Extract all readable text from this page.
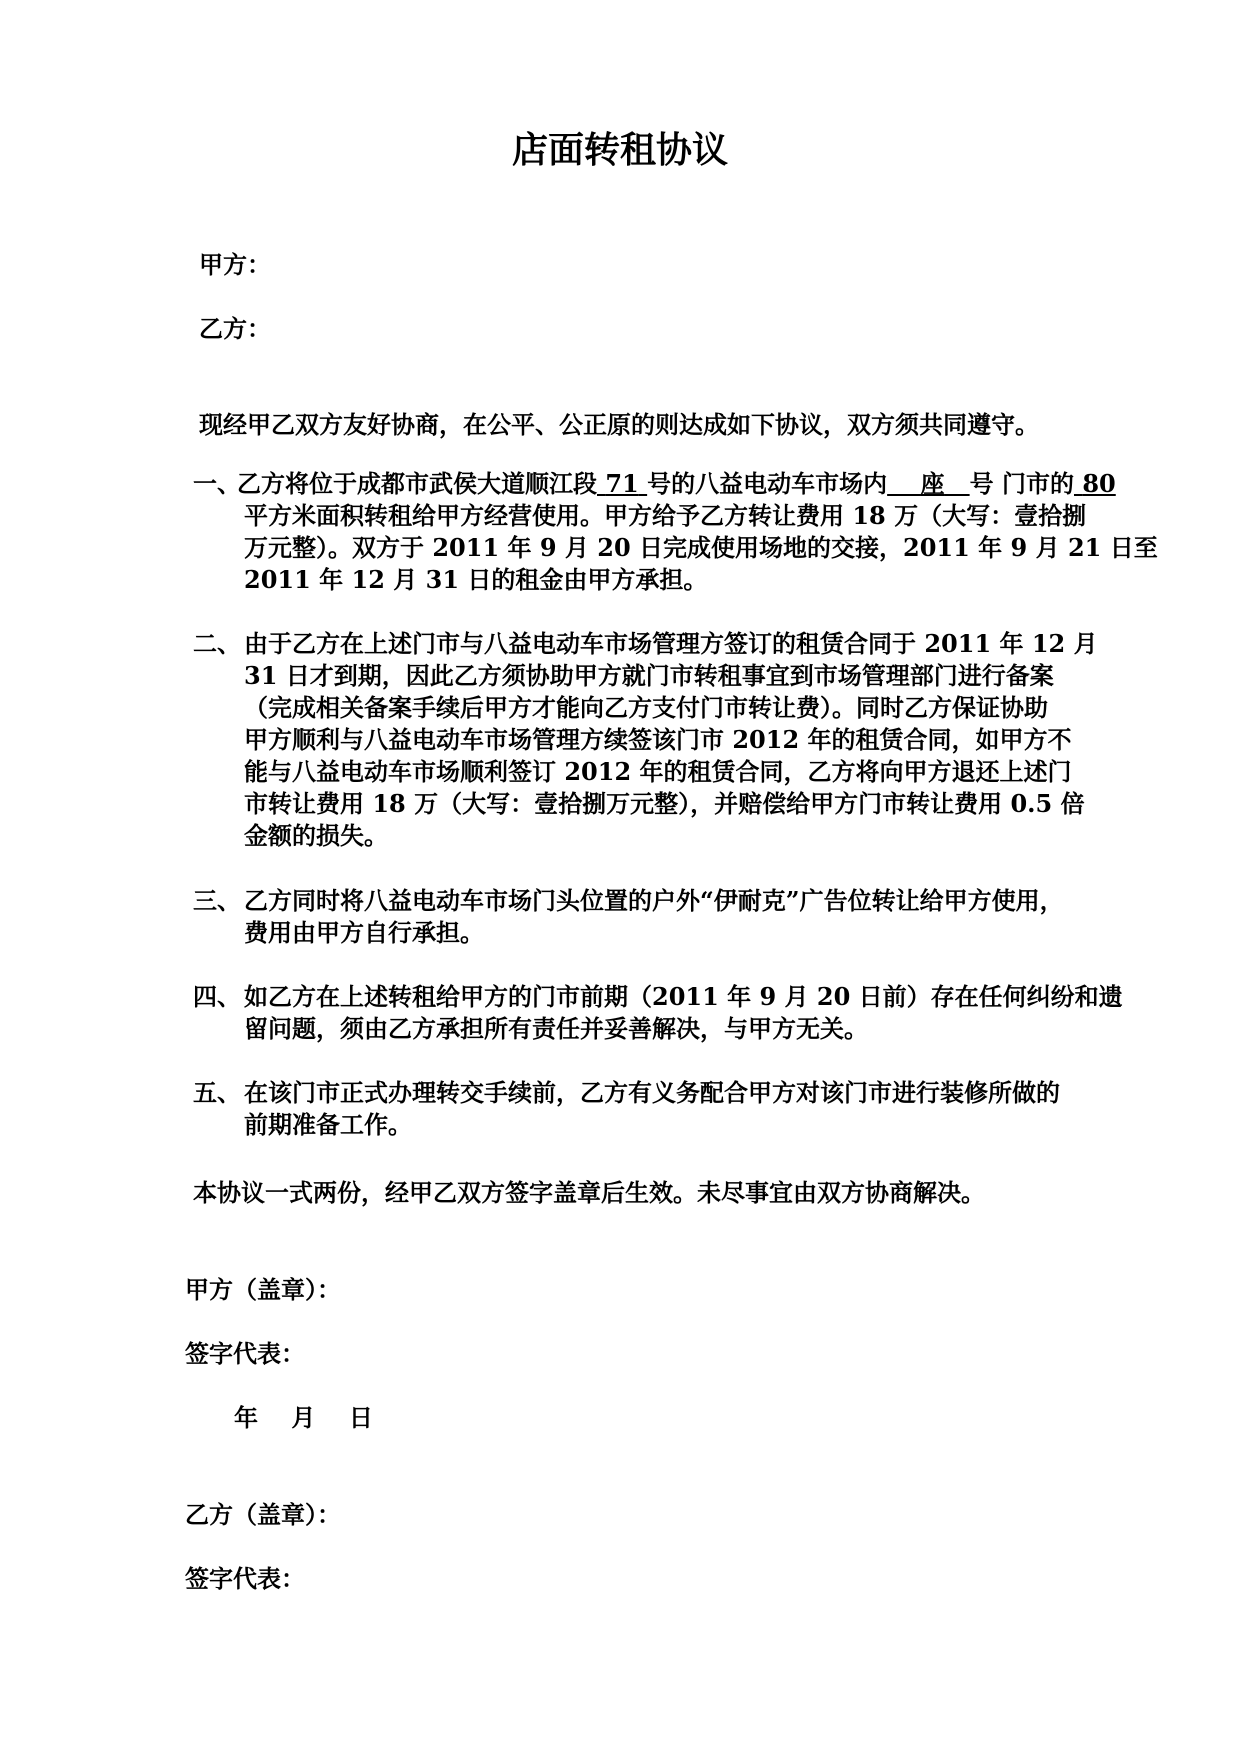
店面转租协议
甲方：
乙方：
现经甲乙双方友好协商，在公平、公正原的则达成如下协议，双方须共同遵守。
一、
乙方将位于成都市武侯大道顺江段 71 号的八益电动车市场内 座 号 门市的 80
平方米面积转租给甲方经营使用。甲方给予乙方转让费用 18 万（大写：壹拾捌
万元整）。双方于 2011 年 9 月 20 日完成使用场地的交接，2011 年 9 月 21 日至
2011 年 12 月 31 日的租金由甲方承担。
二、 由于乙方在上述门市与八益电动车市场管理方签订的租赁合同于 2011 年 12 月
31 日才到期，因此乙方须协助甲方就门市转租事宜到市场管理部门进行备案
（完成相关备案手续后甲方才能向乙方支付门市转让费）。同时乙方保证协助
甲方顺利与八益电动车市场管理方续签该门市 2012 年的租赁合同，如甲方不
能与八益电动车市场顺利签订 2012 年的租赁合同，乙方将向甲方退还上述门
市转让费用 18 万（大写：壹拾捌万元整），并赔偿给甲方门市转让费用 0.5 倍
金额的损失。
三、 乙方同时将八益电动车市场门头位置的户外“伊耐克”广告位转让给甲方使用，
费用由甲方自行承担。
四、 如乙方在上述转租给甲方的门市前期（2011 年 9 月 20 日前）存在任何纠纷和遗
留问题，须由乙方承担所有责任并妥善解决，与甲方无关。
五、 在该门市正式办理转交手续前，乙方有义务配合甲方对该门市进行装修所做的
前期准备工作。
本协议一式两份，经甲乙双方签字盖章后生效。未尽事宜由双方协商解决。
甲方（盖章）：
签字代表：
年    月    日
乙方（盖章）：
签字代表：
